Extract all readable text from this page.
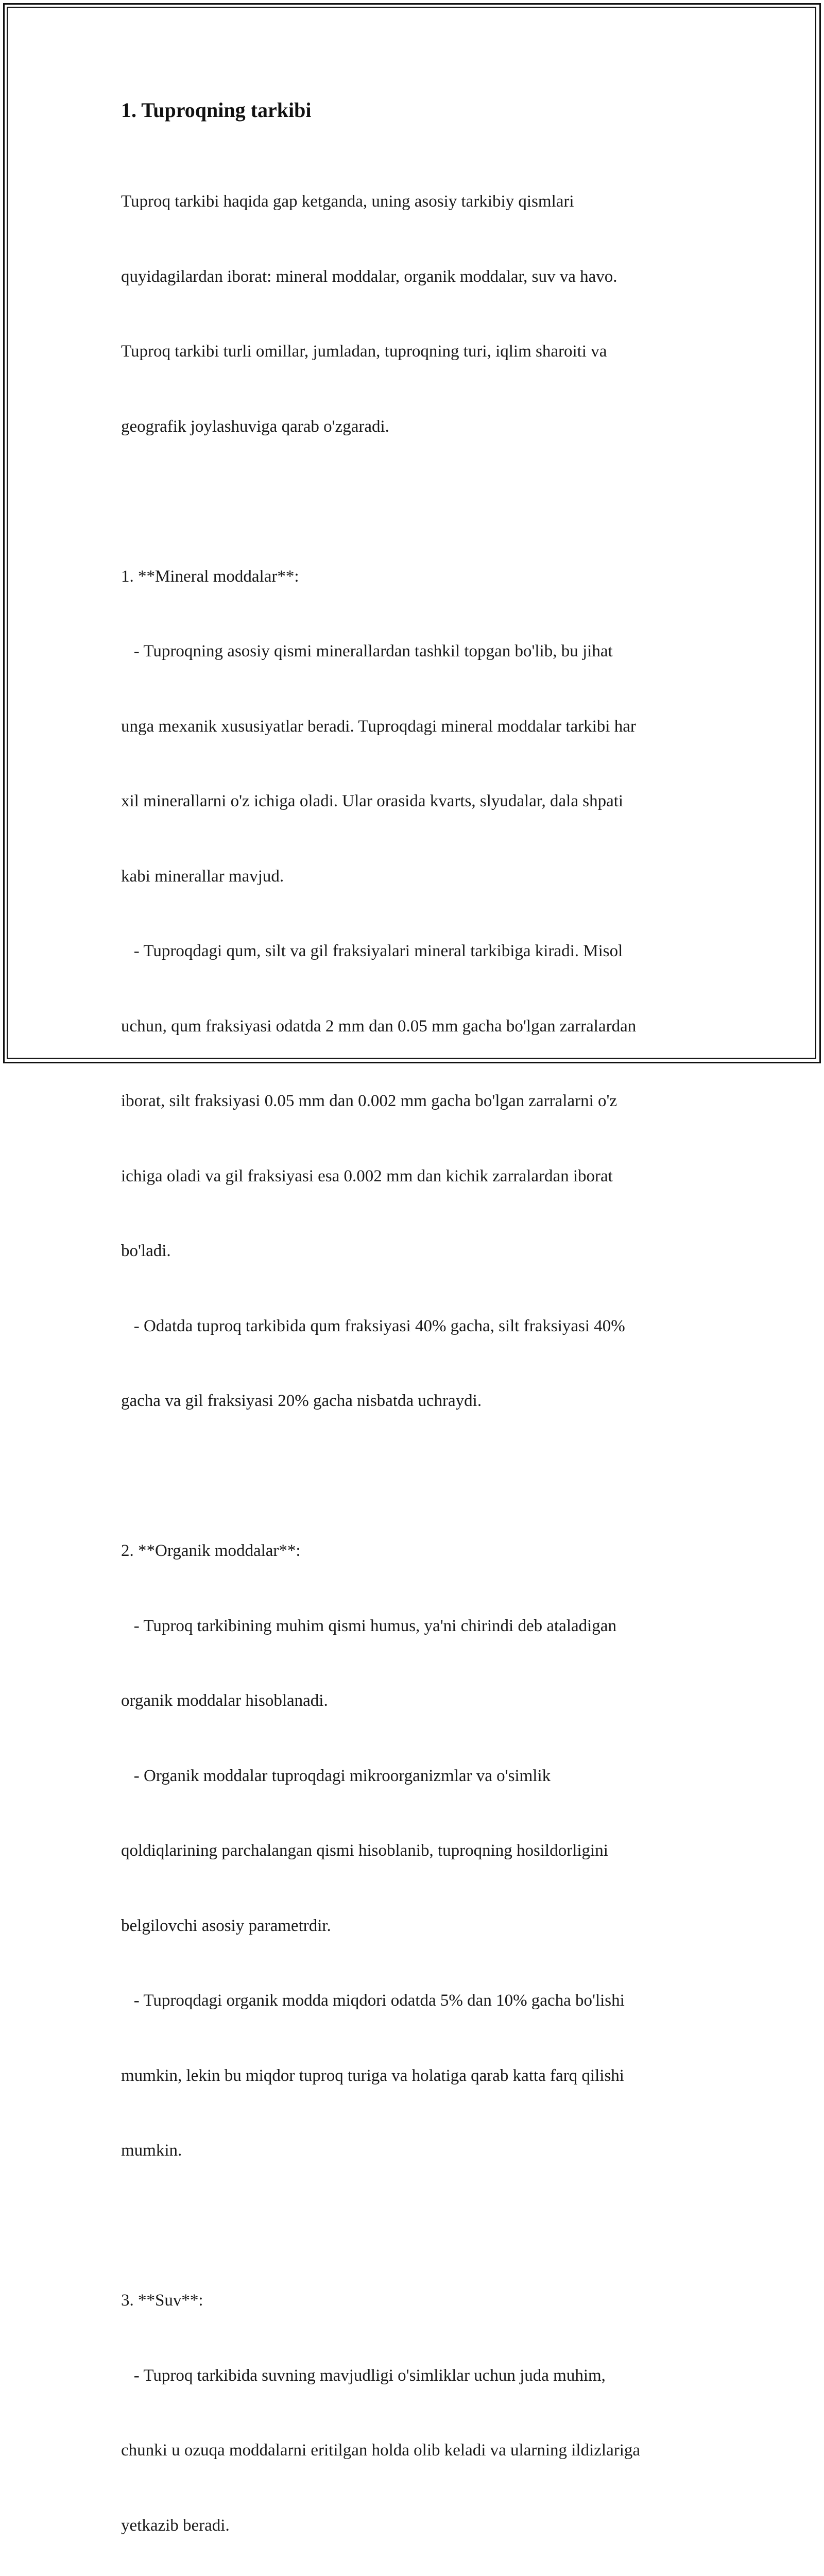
1. Tuproqning tarkibi

Tuproq tarkibi haqida gap ketganda, uning asosiy tarkibiy qismlari

quyidagilardan iborat: mineral moddalar, organik moddalar, suv va havo.

Tuproq tarkibi turli omillar, jumladan, tuproqning turi, iqlim sharoiti va

geografik joylashuviga qarab o'zgaradi.

1. **Mineral moddalar**:

- Tuproqning asosiy qismi minerallardan tashkil topgan bo'lib, bu jihat

unga mexanik xususiyatlar beradi. Tuproqdagi mineral moddalar tarkibi har

xil minerallarni o'z ichiga oladi. Ular orasida kvarts, slyudalar, dala shpati

kabi minerallar mavjud.

- Tuproqdagi qum, silt va gil fraksiyalari mineral tarkibiga kiradi. Misol

uchun, qum fraksiyasi odatda 2 mm dan 0.05 mm gacha bo'lgan zarralardan

iborat, silt fraksiyasi 0.05 mm dan 0.002 mm gacha bo'lgan zarralarni o'z

ichiga oladi va gil fraksiyasi esa 0.002 mm dan kichik zarralardan iborat

bo'ladi.

- Odatda tuproq tarkibida qum fraksiyasi 40% gacha, silt fraksiyasi 40%

gacha va gil fraksiyasi 20% gacha nisbatda uchraydi.

2. **Organik moddalar**:

- Tuproq tarkibining muhim qismi humus, ya'ni chirindi deb ataladigan

organik moddalar hisoblanadi.

- Organik moddalar tuproqdagi mikroorganizmlar va o'simlik

qoldiqlarining parchalangan qismi hisoblanib, tuproqning hosildorligini

belgilovchi asosiy parametrdir.

- Tuproqdagi organik modda miqdori odatda 5% dan 10% gacha bo'lishi

mumkin, lekin bu miqdor tuproq turiga va holatiga qarab katta farq qilishi

mumkin.

3. **Suv**:

- Tuproq tarkibida suvning mavjudligi o'simliklar uchun juda muhim,

chunki u ozuqa moddalarni eritilgan holda olib keladi va ularning ildizlariga

yetkazib beradi.
